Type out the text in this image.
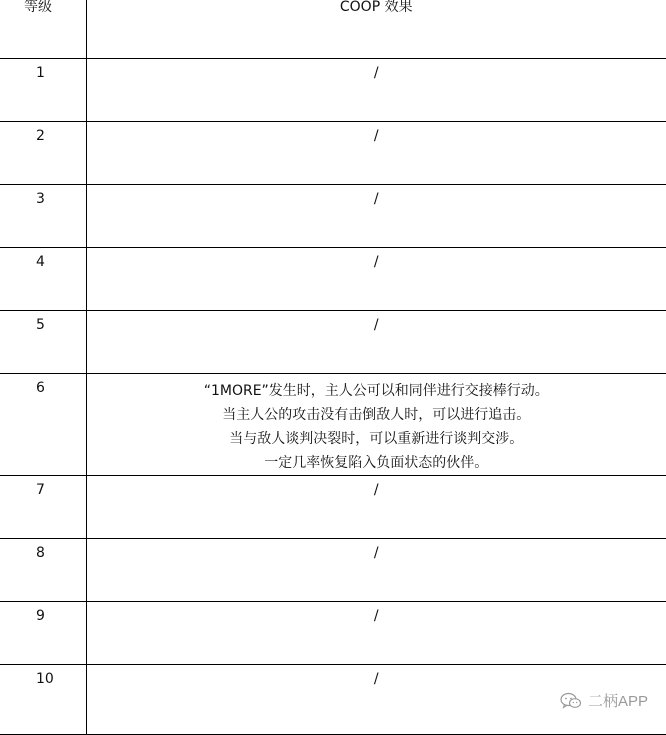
等级	COOP 效果
1	/
2	/
3	/
4	/
5	/
6	“1MORE”发生时，主人公可以和同伴进行交接棒行动。
当主人公的攻击没有击倒敌人时，可以进行追击。
当与敌人谈判决裂时，可以重新进行谈判交涉。
一定几率恢复陷入负面状态的伙伴。

7	/
8	/
9	/
10	/
二柄APP
